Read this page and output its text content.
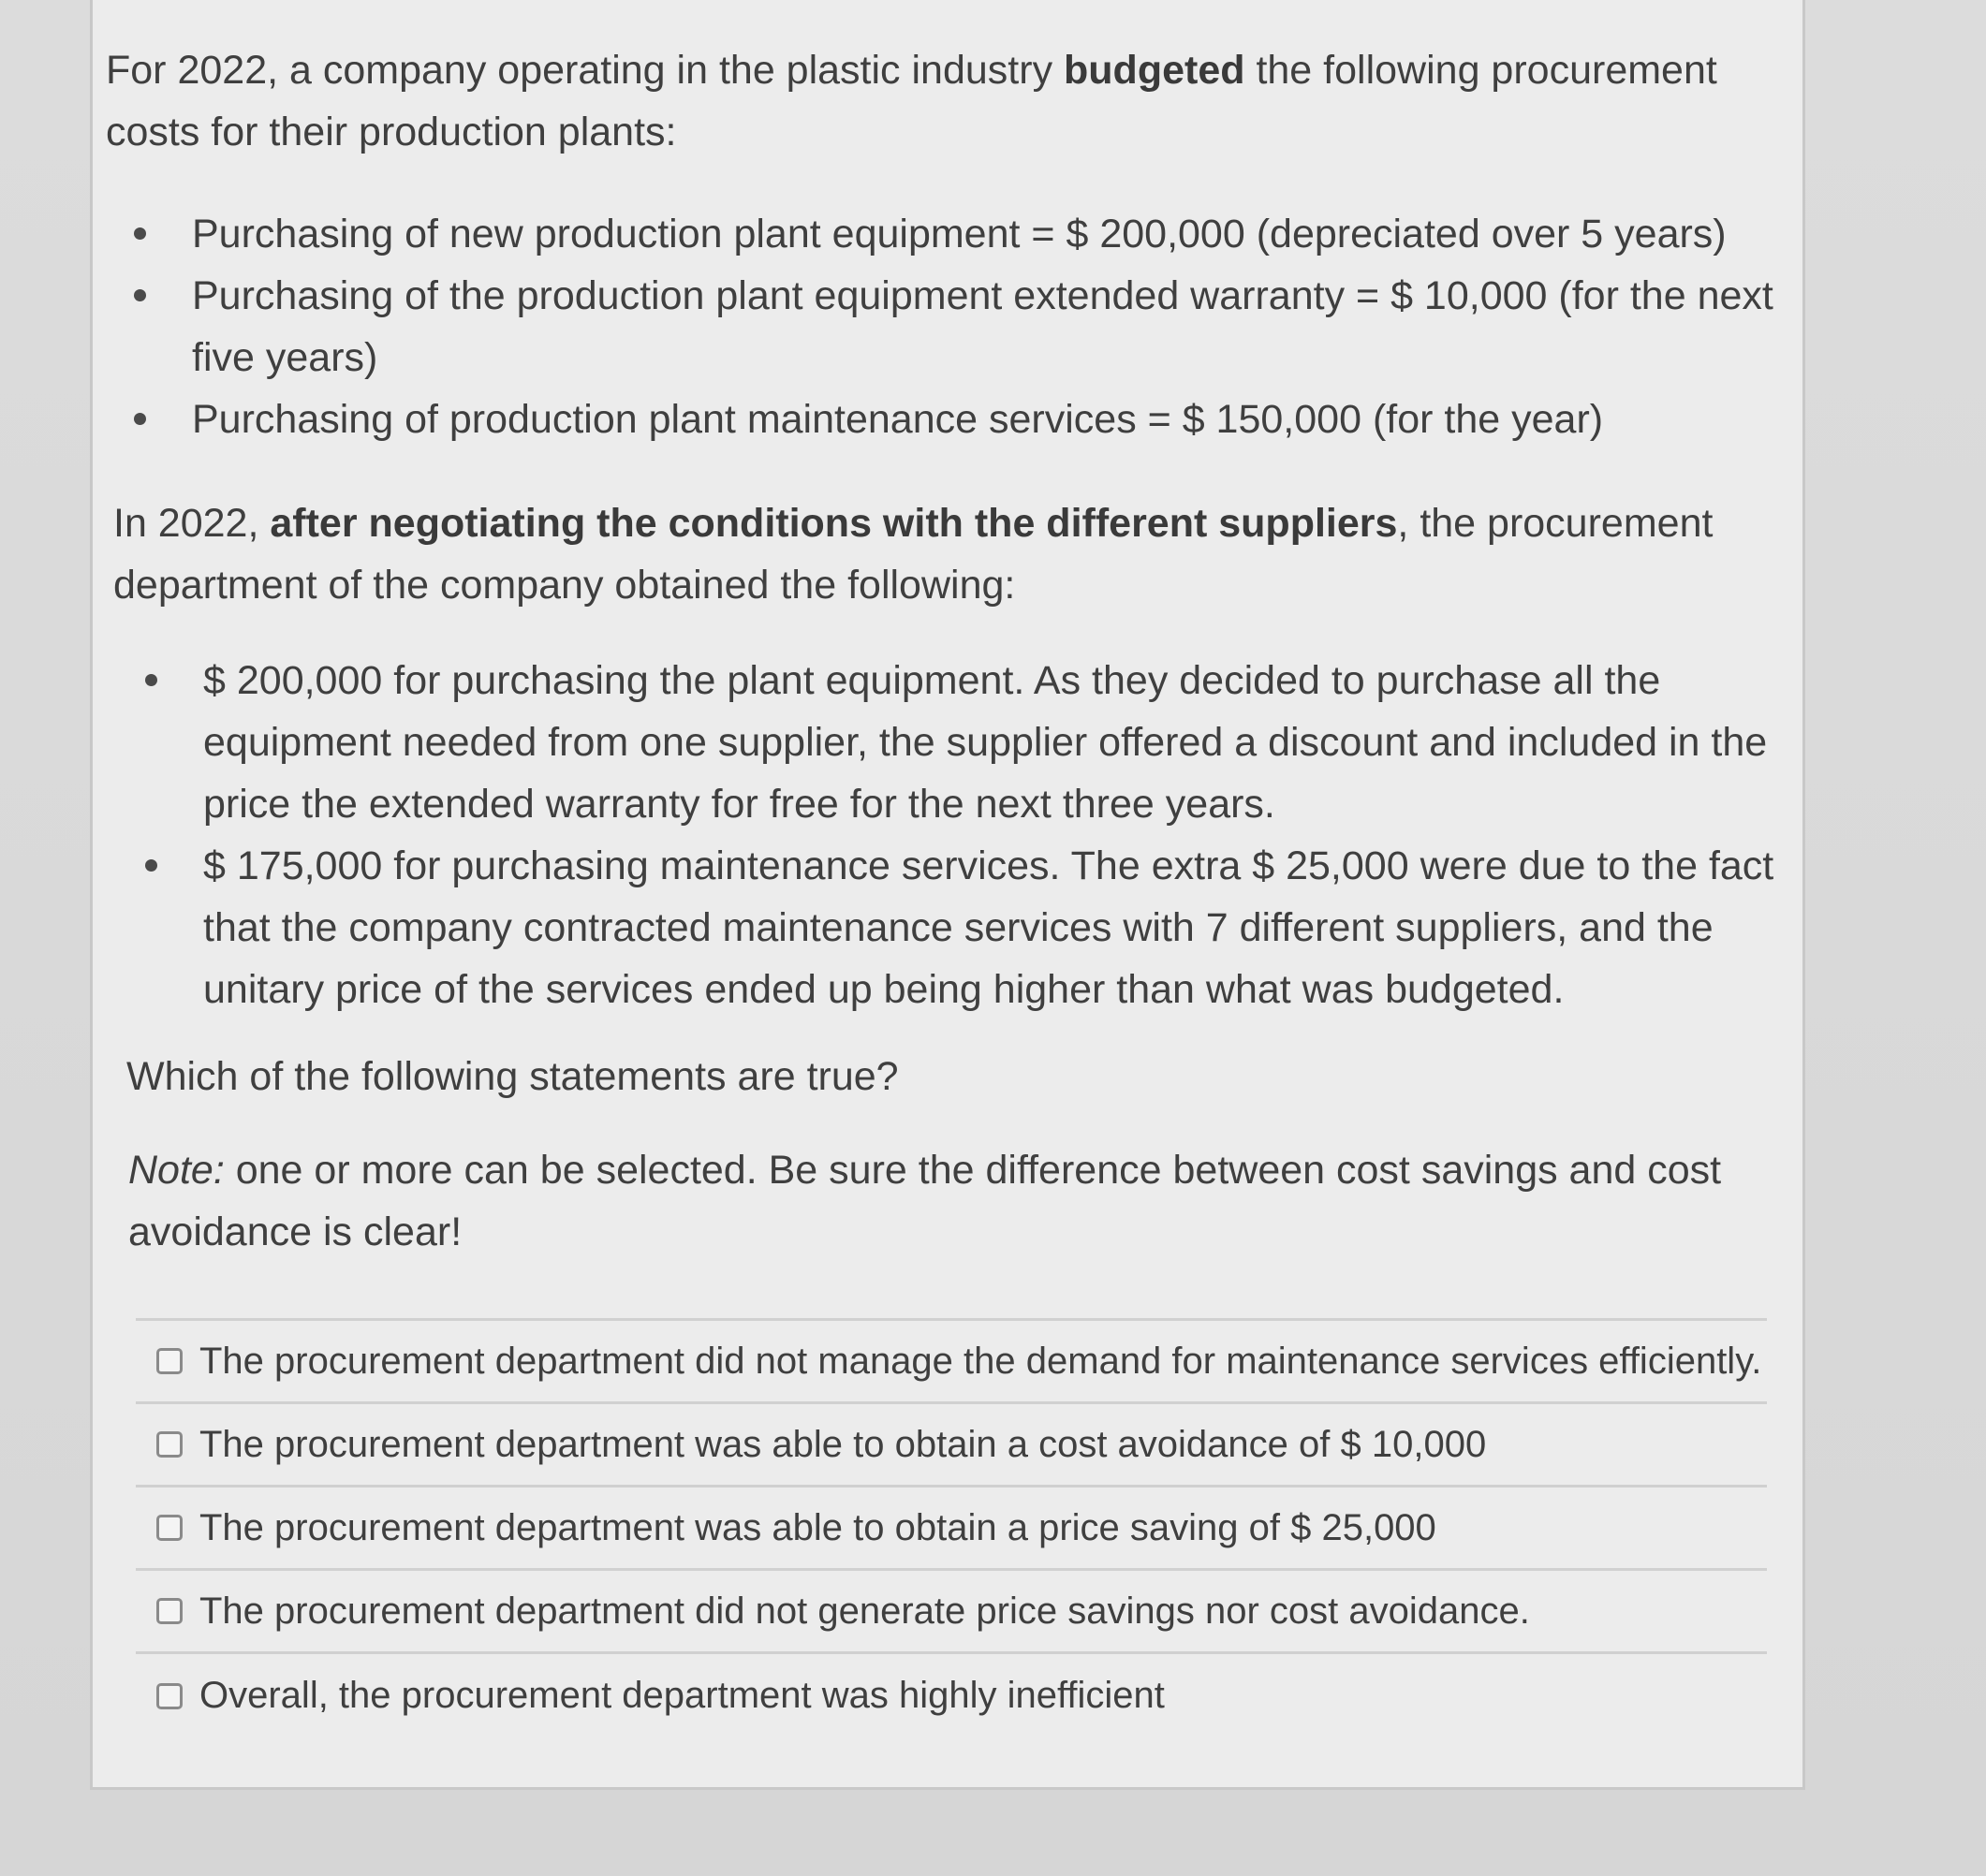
For 2022, a company operating in the plastic industry budgeted the following procurement costs for their production plants:

Purchasing of new production plant equipment = $ 200,000 (depreciated over 5 years)
Purchasing of the production plant equipment extended warranty = $ 10,000 (for the next five years)
Purchasing of production plant maintenance services = $ 150,000 (for the year)

In 2022, after negotiating the conditions with the different suppliers, the procurement department of the company obtained the following:

$ 200,000 for purchasing the plant equipment. As they decided to purchase all the equipment needed from one supplier, the supplier offered a discount and included in the price the extended warranty for free for the next three years.
$ 175,000 for purchasing maintenance services. The extra $ 25,000 were due to the fact that the company contracted maintenance services with 7 different suppliers, and the unitary price of the services ended up being higher than what was budgeted.

Which of the following statements are true?

Note: one or more can be selected. Be sure the difference between cost savings and cost avoidance is clear!

The procurement department did not manage the demand for maintenance services efficiently.
The procurement department was able to obtain a cost avoidance of $ 10,000
The procurement department was able to obtain a price saving of $ 25,000
The procurement department did not generate price savings nor cost avoidance.
Overall, the procurement department was highly inefficient
